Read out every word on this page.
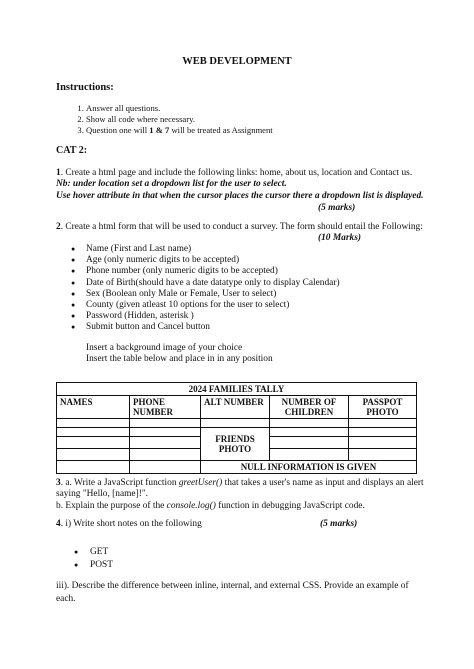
WEB DEVELOPMENT
Instructions:
1. Answer all questions.
2. Show all code where necessary.
3. Question one will 1 & 7 will be treated as Assignment
CAT 2:
1. Create a html page and include the following links: home, about us, location and Contact us. Nb: under location set a dropdown list for the user to select.
Use hover attribute in that when the cursor places the cursor there a dropdown list is displayed.
(5 marks)
2. Create a html form that will be used to conduct a survey. The form should entail the Following:
(10 Marks)
● Name (First and Last name)
● Age (only numeric digits to be accepted)
● Phone number (only numeric digits to be accepted)
● Date of Birth(should have a date datatype only to display Calendar)
● Sex (Boolean only Male or Female, User to select)
● County (given atleast 10 options for the user to select)
● Password (Hidden, asterisk )
● Submit button and Cancel button
Insert a background image of your choice
Insert the table below and place in in any position
2024 FAMILIES TALLY				
NAMES	PHONE NUMBER	ALT NUMBER	NUMBER OF CHILDREN	PASSPOT PHOTO

		FRIENDS PHOTO		

		NULL INFORMATION IS GIVEN		
3. a. Write a JavaScript function greetUser() that takes a user's name as input and displays an alert saying "Hello, [name]!".
b. Explain the purpose of the console.log() function in debugging JavaScript code.
4. i) Write short notes on the following	(5 marks)
● GET
● POST
iii). Describe the difference between inline, internal, and external CSS. Provide an example of each.
